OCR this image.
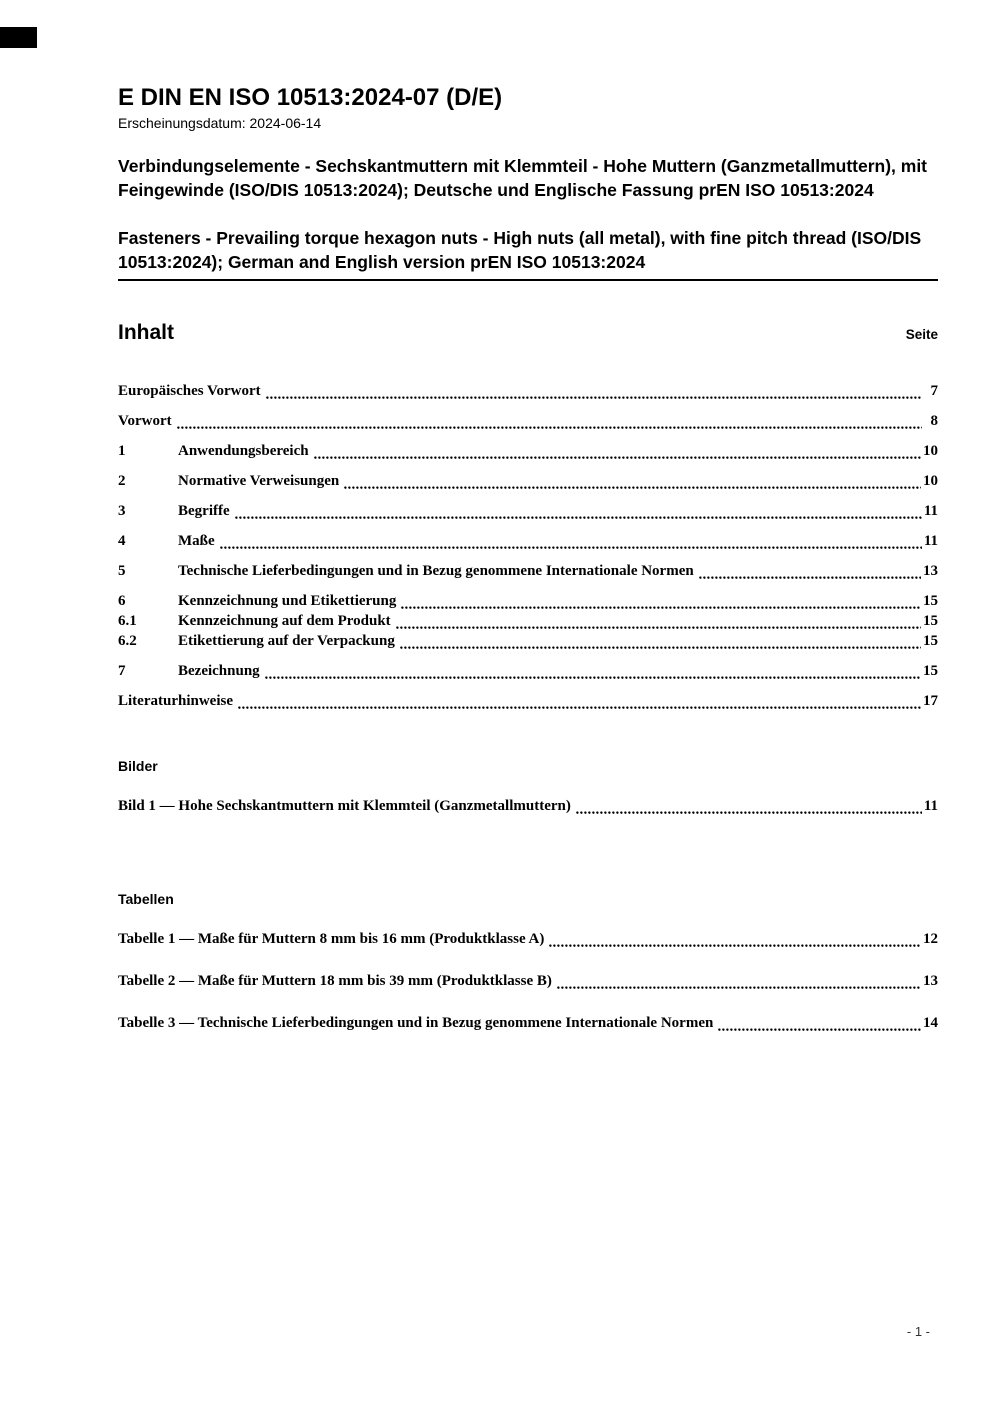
E DIN EN ISO 10513:2024-07 (D/E)
Erscheinungsdatum: 2024-06-14
Verbindungselemente - Sechskantmuttern mit Klemmteil - Hohe Muttern (Ganzmetallmuttern), mit Feingewinde (ISO/DIS 10513:2024); Deutsche und Englische Fassung prEN ISO 10513:2024
Fasteners - Prevailing torque hexagon nuts - High nuts (all metal), with fine pitch thread (ISO/DIS 10513:2024); German and English version prEN ISO 10513:2024
Inhalt	Seite
Europäisches Vorwort	7
Vorwort	8
1	Anwendungsbereich	10
2	Normative Verweisungen	10
3	Begriffe	11
4	Maße	11
5	Technische Lieferbedingungen und in Bezug genommene Internationale Normen	13
6	Kennzeichnung und Etikettierung	15
6.1	Kennzeichnung auf dem Produkt	15
6.2	Etikettierung auf der Verpackung	15
7	Bezeichnung	15
Literaturhinweise	17
Bilder
Bild 1 — Hohe Sechskantmuttern mit Klemmteil (Ganzmetallmuttern)	11
Tabellen
Tabelle 1 — Maße für Muttern 8 mm bis 16 mm (Produktklasse A)	12
Tabelle 2 — Maße für Muttern 18 mm bis 39 mm (Produktklasse B)	13
Tabelle 3 — Technische Lieferbedingungen und in Bezug genommene Internationale Normen	14
- 1 -
